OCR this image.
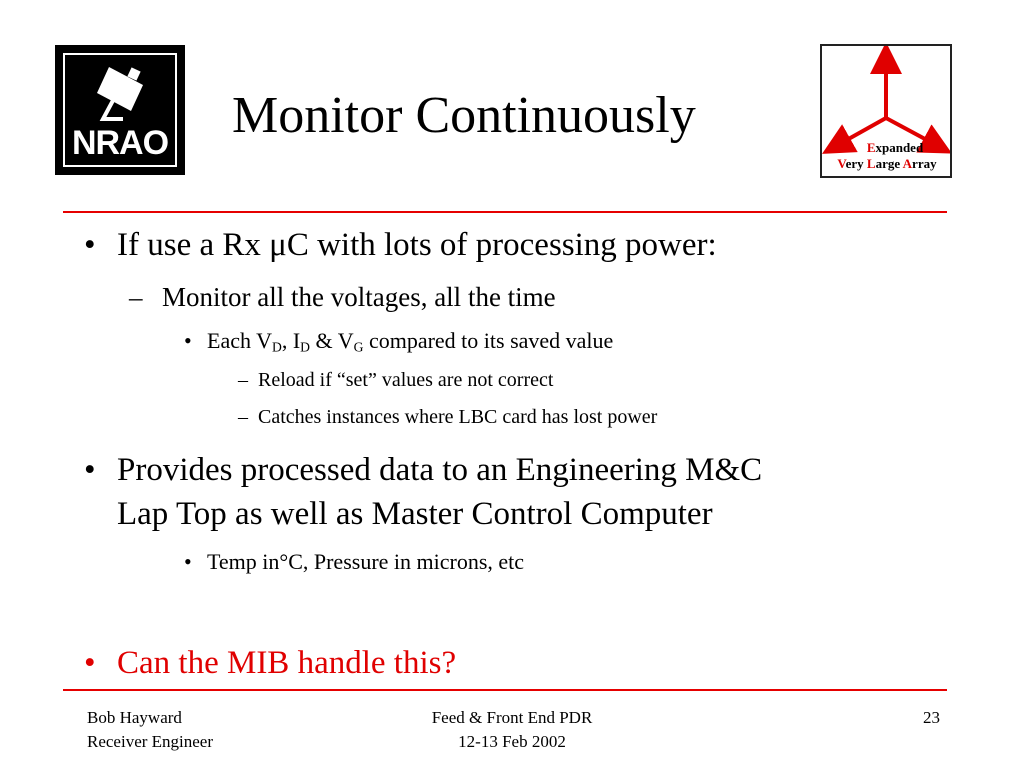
NRAO Monitor Continuously
Expanded
Very Large Array
• If use a Rx μC with lots of processing power:
– Monitor all the voltages, all the time
• Each $V_D$, $I_D$ & $V_G$ compared to its saved value
– Reload if “set” values are not correct
– Catches instances where LBC card has lost power
• Provides processed data to an Engineering M&C
Lap Top as well as Master Control Computer
• Temp in°C, Pressure in microns, etc
• Can the MIB handle this?
Bob Hayward
Receiver Engineer
Feed & Front End PDR
12-13 Feb 2002
23
